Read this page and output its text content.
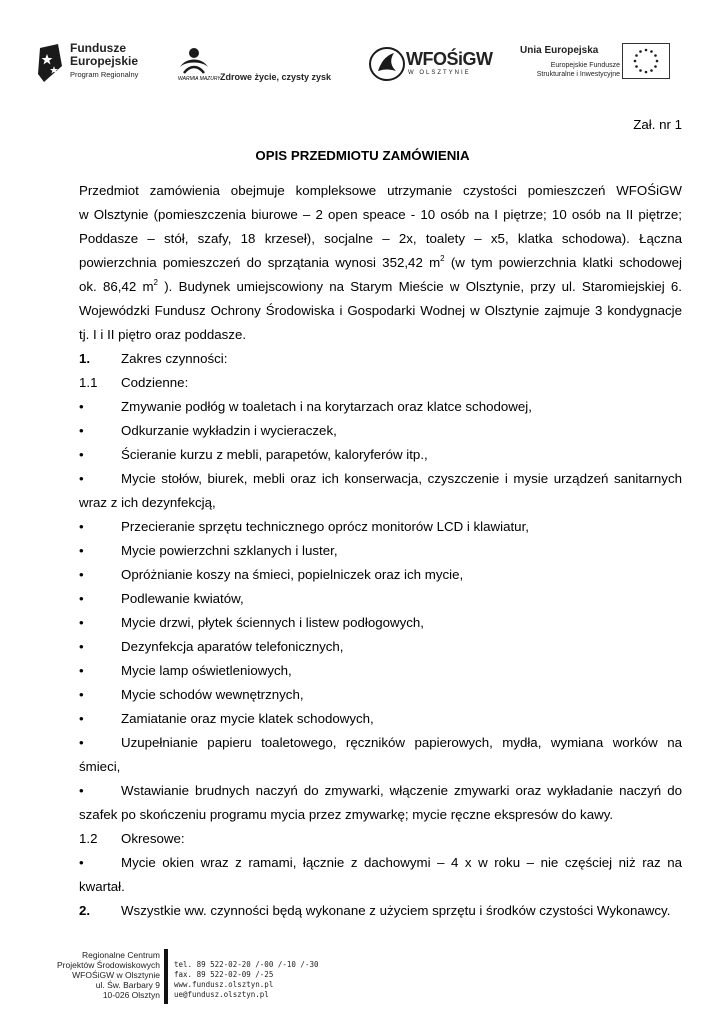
Fundusze
Europejskie
Program Regionalny	WARMIA MAZURY Zdrowe życie, czysty zysk
WFOŚiGW
W OLSZTYNIE
Unia Europejska
Europejskie Fundusze
Strukturalne i Inwestycyjne
Zał. nr 1
OPIS PRZEDMIOTU ZAMÓWIENIA
Przedmiot zamówienia obejmuje kompleksowe utrzymanie czystości pomieszczeń WFOŚiGW
w Olsztynie (pomieszczenia biurowe – 2 open speace - 10 osób na I piętrze; 10 osób na II piętrze;
Poddasze – stół, szafy, 18 krzeseł), socjalne – 2x, toalety – x5, klatka schodowa). Łączna
powierzchnia pomieszczeń do sprzątania wynosi 352,42 $m^2$ (w tym powierzchnia klatki schodowej
ok. 86,42 $m^2$ ). Budynek umiejscowiony na Starym Mieście w Olsztynie, przy ul. Staromiejskiej 6.
Wojewódzki Fundusz Ochrony Środowiska i Gospodarki Wodnej w Olsztynie zajmuje 3 kondygnacje
tj. I i II piętro oraz poddasze.
1. Zakres czynności:
1.1 Codzienne:
•	Zmywanie podłóg w toaletach i na korytarzach oraz klatce schodowej,
•	Odkurzanie wykładzin i wycieraczek,
•	Ścieranie kurzu z mebli, parapetów, kaloryferów itp.,
•	Mycie stołów, biurek, mebli oraz ich konserwacja, czyszczenie i mysie urządzeń sanitarnych
wraz z ich dezynfekcją,
•	Przecieranie sprzętu technicznego oprócz monitorów LCD i klawiatur,
•	Mycie powierzchni szklanych i luster,
•	Opróżnianie koszy na śmieci, popielniczek oraz ich mycie,
•	Podlewanie kwiatów,
•	Mycie drzwi, płytek ściennych i listew podłogowych,
•	Dezynfekcja aparatów telefonicznych,
•	Mycie lamp oświetleniowych,
•	Mycie schodów wewnętrznych,
•	Zamiatanie oraz mycie klatek schodowych,
•	Uzupełnianie papieru toaletowego, ręczników papierowych, mydła, wymiana worków na
śmieci,
•	Wstawianie brudnych naczyń do zmywarki, włączenie zmywarki oraz wykładanie naczyń do
szafek po skończeniu programu mycia przez zmywarkę; mycie ręczne ekspresów do kawy.
1.2 Okresowe:
•	Mycie okien wraz z ramami, łącznie z dachowymi – 4 x w roku – nie częściej niż raz na
kwartał.
2. Wszystkie ww. czynności będą wykonane z użyciem sprzętu i środków czystości Wykonawcy.
Regionalne Centrum
Projektów Środowiskowych
WFOŚiGW w Olsztynie
ul. Św. Barbary 9
10-026 Olsztyn
tel. 89 522-02-20 /-00 /-10 /-30
fax. 89 522-02-09 /-25
www.fundusz.olsztyn.pl
ue@fundusz.olsztyn.pl
